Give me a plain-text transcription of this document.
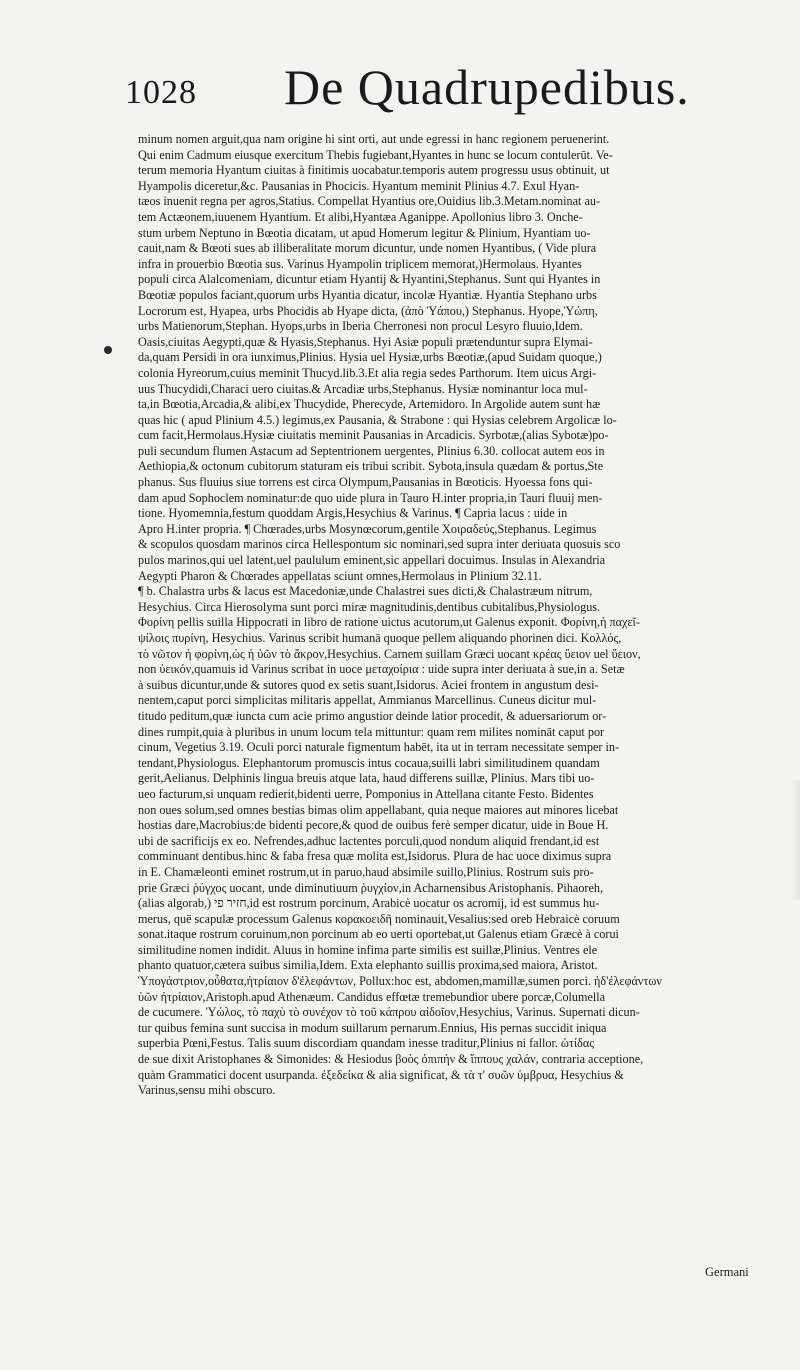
1028 De Quadrupedibus.
minum nomen arguit,qua nam origine hi sint orti, aut unde egressi in hanc regionem peruenerint.
Qui enim Cadmum eiusque exercitum Thebis fugiebant,Hyantes in hunc se locum contulerūt. Ve-
terum memoria Hyantum ciuitas à finitimis uocabatur.temporis autem progressu usus obtinuit, ut
Hyampolis diceretur,&c. Pausanias in Phocicis. Hyantum meminit Plinius 4.7. Exul Hyan-
tæos inuenit regna per agros,Statius. Compellat Hyantius ore,Ouidius lib.3.Metam.nominat au-
tem Actæonem,iuuenem Hyantium. Et alibi,Hyantæa Aganippe. Apollonius libro 3. Onche-
stum urbem Neptuno in Bœotia dicatam, ut apud Homerum legitur & Plinium, Hyantiam uo-
cauit,nam & Bœoti sues ab illiberalitate morum dicuntur, unde nomen Hyantibus, ( Vide plura
infra in prouerbio Bœotia sus. Varinus Hyampolin triplicem memorat,)Hermolaus. Hyantes
populi circa Alalcomeniam, dicuntur etiam Hyantij & Hyantini,Stephanus. Sunt qui Hyantes in
Bœotiæ populos faciant,quorum urbs Hyantia dicatur, incolæ Hyantiæ. Hyantia Stephano urbs
Locrorum est, Hyapea, urbs Phocidis ab Hyape dicta, (ἀπὸ Ὑάπου,) Stephanus. Hyope,Ὑώπη,
urbs Matienorum,Stephan. Hyops,urbs in Iberia Cherronesi non procul Lesyro fluuio,Idem.
Oasis,ciuitas Aegypti,quæ & Hyasis,Stephanus. Hyi Asiæ populi prætenduntur supra Elymai-
da,quam Persidi in ora iunximus,Plinius. Hysia uel Hysiæ,urbs Bœotiæ,(apud Suidam quoque,)
colonia Hyreorum,cuius meminit Thucyd.lib.3.Et alia regia sedes Parthorum. Item uicus Argi-
uus Thucydidi,Characi uero ciuitas.& Arcadiæ urbs,Stephanus. Hysiæ nominantur loca mul-
ta,in Bœotia,Arcadia,& alibi,ex Thucydide, Pherecyde, Artemidoro. In Argolide autem sunt hæ
quas hic ( apud Plinium 4.5.) legimus,ex Pausania, & Strabone : qui Hysias celebrem Argolicæ lo-
cum facit,Hermolaus.Hysiæ ciuitatis meminit Pausanias in Arcadicis. Syrbotæ,(alias Sybotæ)po-
puli secundum flumen Astacum ad Septentrionem uergentes, Plinius 6.30. collocat autem eos in
Aethiopia,& octonum cubitorum staturam eis tribui scribit. Sybota,insula quædam & portus,Ste
phanus. Sus fluuius siue torrens est circa Olympum,Pausanias in Bœoticis. Hyoessa fons qui-
dam apud Sophoclem nominatur:de quo uide plura in Tauro H.inter propria,in Tauri fluuij men-
tione. Hyomemnia,festum quoddam Argis,Hesychius & Varinus. ¶ Capria lacus : uide in
Apro H.inter propria. ¶ Chœrades,urbs Mosynœcorum,gentile Χοιραδεύς,Stephanus. Legimus
& scopulos quosdam marinos circa Hellespontum sic nominari,sed supra inter deriuata quosuis sco
pulos marinos,qui uel latent,uel paululum eminent,sic appellari docuimus. Insulas in Alexandria
Aegypti Pharon & Chœrades appellatas sciunt omnes,Hermolaus in Plinium 32.11.
¶ b. Chalastra urbs & lacus est Macedoniæ,unde Chalastrei sues dicti,& Chalastræum nitrum,
Hesychius. Circa Hierosolyma sunt porci miræ magnitudinis,dentibus cubitalibus,Physiologus.
Φορίνη pellis suilla Hippocrati in libro de ratione uictus acutorum,ut Galenus exponit. Φορίνη,ἡ παχεῖ-
ψίλοις πυρίνη, Hesychius. Varinus scribit humanā quoque pellem aliquando phorinen dici. Κολλός,
τὸ νῶτον ἡ φορίνη,ὡς ἡ ὑῶν τὸ ἄκρον,Hesychius. Carnem suillam Græci uocant κρέας ὕειον uel ὕειον,
non ὑεικόν,quamuis id Varinus scribat in uoce μεταχοίρια : uide supra inter deriuata à sue,in a. Setæ
à suibus dicuntur,unde & sutores quod ex setis suant,Isidorus. Aciei frontem in angustum desi-
nentem,caput porci simplicitas militaris appellat, Ammianus Marcellinus. Cuneus dicitur mul-
titudo peditum,quæ iuncta cum acie primo angustior deinde latior procedit, & aduersariorum or-
dines rumpit,quia à pluribus in unum locum tela mittuntur: quam rem milites nomināt caput por
cinum, Vegetius 3.19. Oculi porci naturale figmentum habēt, ita ut in terram necessitate semper in-
tendant,Physiologus. Elephantorum promuscis intus cocaua,suilli labri similitudinem quandam
gerit,Aelianus. Delphinis lingua breuis atque lata, haud differens suillæ, Plinius. Mars tibi uo-
ueo facturum,si unquam redierit,bidenti uerre, Pomponius in Attellana citante Festo. Bidentes
non oues solum,sed omnes bestias bimas olim appellabant, quia neque maiores aut minores licebat
hostias dare,Macrobius:de bidenti pecore,& quod de ouibus ferè semper dicatur, uide in Boue H.
ubi de sacrificijs ex eo. Nefrendes,adhuc lactentes porculi,quod nondum aliquid frendant,id est
comminuant dentibus.hinc & faba fresa quæ molita est,Isidorus. Plura de hac uoce diximus supra
in E. Chamæleonti eminet rostrum,ut in paruo,haud absimile suillo,Plinius. Rostrum suis pro-
prie Græci ῥύγχος uocant, unde diminutiuum ῥυγχίον,in Acharnensibus Aristophanis. Pihaoreh,
(alias algorab,) חזיר פי,id est rostrum porcinum, Arabicè uocatur os acromij, id est summus hu-
merus, quē scapulæ processum Galenus κορακοειδῆ nominauit,Vesalius:sed oreb Hebraicè coruum
sonat.itaque rostrum coruinum,non porcinum ab eo uerti oportebat,ut Galenus etiam Græcè à corui
similitudine nomen indidit. Aluus in homine infima parte similis est suillæ,Plinius. Ventres ele
phanto quatuor,cætera suibus similia,Idem. Exta elephanto suillis proxima,sed maiora, Aristot.
Ὑπογάστριον,οὖθατα,ἠτρίαιον δ'ἐλεφάντων, Pollux:hoc est, abdomen,mamillæ,sumen porci. ἠδ'ἐλεφάντων
ὑῶν ἠτρίαιον,Aristoph.apud Athenæum. Candidus effœtæ tremebundior ubere porcæ,Columella
de cucumere. Ὑώλος, τὸ παχὺ τὸ συνέχον τὸ τοῦ κάπρου αἰδοῖον,Hesychius, Varinus. Supernati dicun-
tur quibus femina sunt succisa in modum suillarum pernarum.Ennius, His pernas succidit iniqua
superbia Pœni,Festus. Talis suum discordiam quandam inesse traditur,Plinius ni fallor. ὠτίδας
de sue dixit Aristophanes & Simonides: & Hesiodus βοὸς ὀπιπὴν & ἵππους χαλάν, contraria acceptione,
quàm Grammatici docent usurpanda. ἐξεδείκα & alia significat, & τὰ τ' συῶν ὑμβρυα, Hesychius &
Varinus,sensu mihi obscuro.
Germani
